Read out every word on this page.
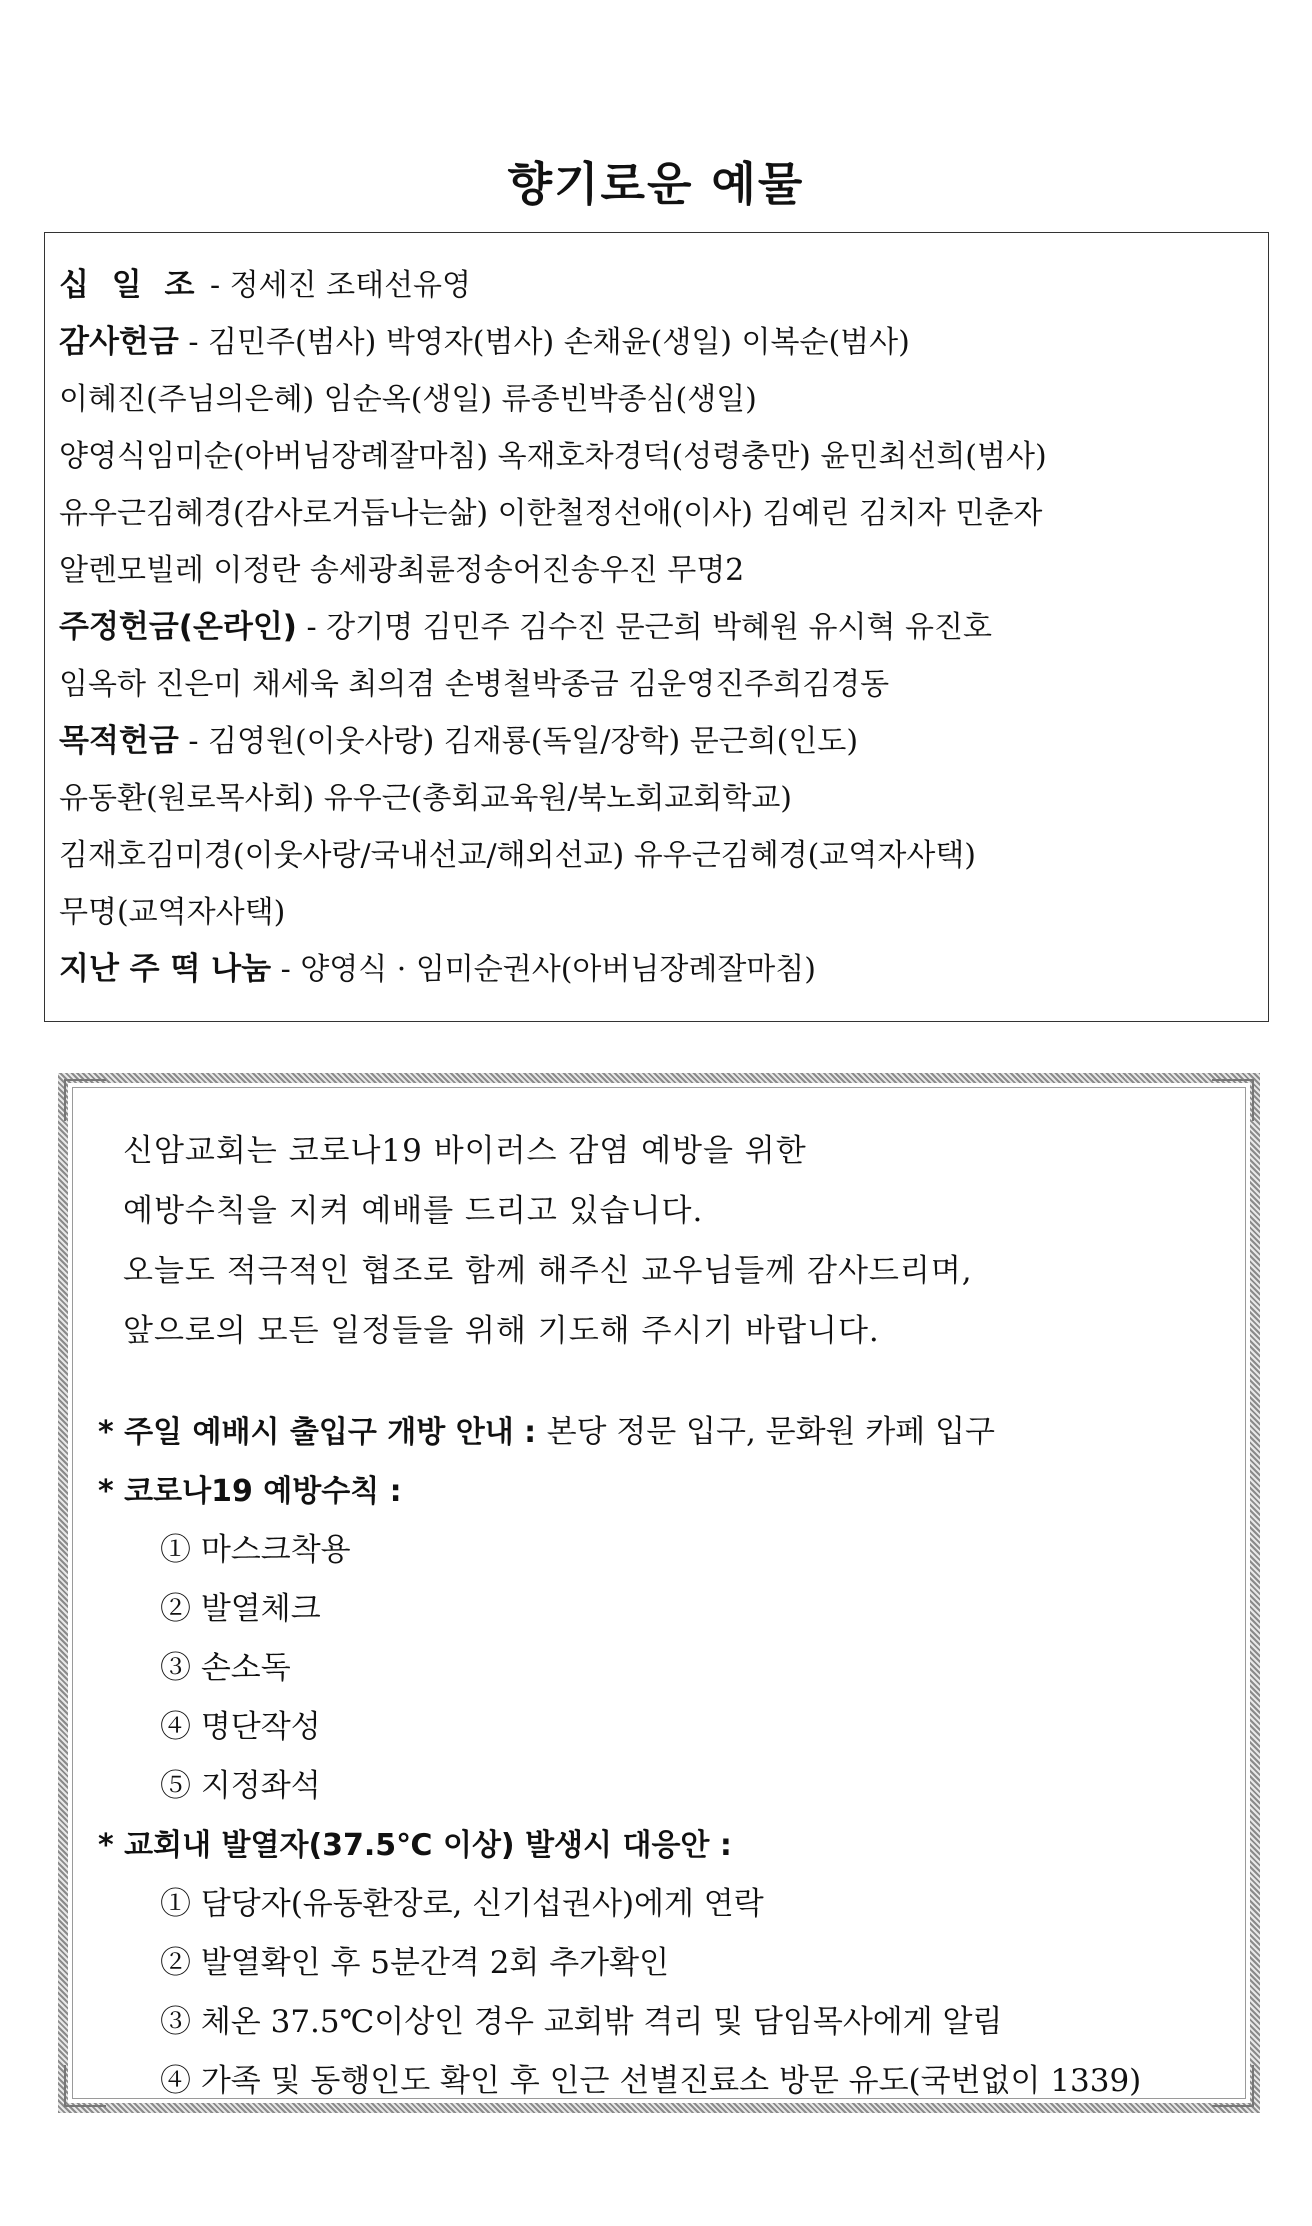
향기로운 예물
십 일 조 - 정세진 조태선유영
감사헌금 - 김민주(범사) 박영자(범사) 손채윤(생일) 이복순(범사)
이혜진(주님의은혜) 임순옥(생일) 류종빈박종심(생일)
양영식임미순(아버님장례잘마침) 옥재호차경덕(성령충만) 윤민최선희(범사)
유우근김혜경(감사로거듭나는삶) 이한철정선애(이사) 김예린 김치자 민춘자
알렌모빌레 이정란 송세광최륜정송어진송우진 무명2
주정헌금(온라인) - 강기명 김민주 김수진 문근희 박혜원 유시혁 유진호
임옥하 진은미 채세욱 최의겸 손병철박종금 김운영진주희김경동
목적헌금 - 김영원(이웃사랑) 김재룡(독일/장학) 문근희(인도)
유동환(원로목사회) 유우근(총회교육원/북노회교회학교)
김재호김미경(이웃사랑/국내선교/해외선교) 유우근김혜경(교역자사택)
무명(교역자사택)
지난 주 떡 나눔 - 양영식 · 임미순권사(아버님장례잘마침)
신암교회는 코로나19 바이러스 감염 예방을 위한
예방수칙을 지켜 예배를 드리고 있습니다.
오늘도 적극적인 협조로 함께 해주신 교우님들께 감사드리며,
앞으로의 모든 일정들을 위해 기도해 주시기 바랍니다.
* 주일 예배시 출입구 개방 안내 : 본당 정문 입구, 문화원 카페 입구
* 코로나19 예방수칙 :
① 마스크착용
② 발열체크
③ 손소독
④ 명단작성
⑤ 지정좌석
* 교회내 발열자(37.5℃ 이상) 발생시 대응안 :
① 담당자(유동환장로, 신기섭권사)에게 연락
② 발열확인 후 5분간격 2회 추가확인
③ 체온 37.5℃이상인 경우 교회밖 격리 및 담임목사에게 알림
④ 가족 및 동행인도 확인 후 인근 선별진료소 방문 유도(국번없이 1339)
